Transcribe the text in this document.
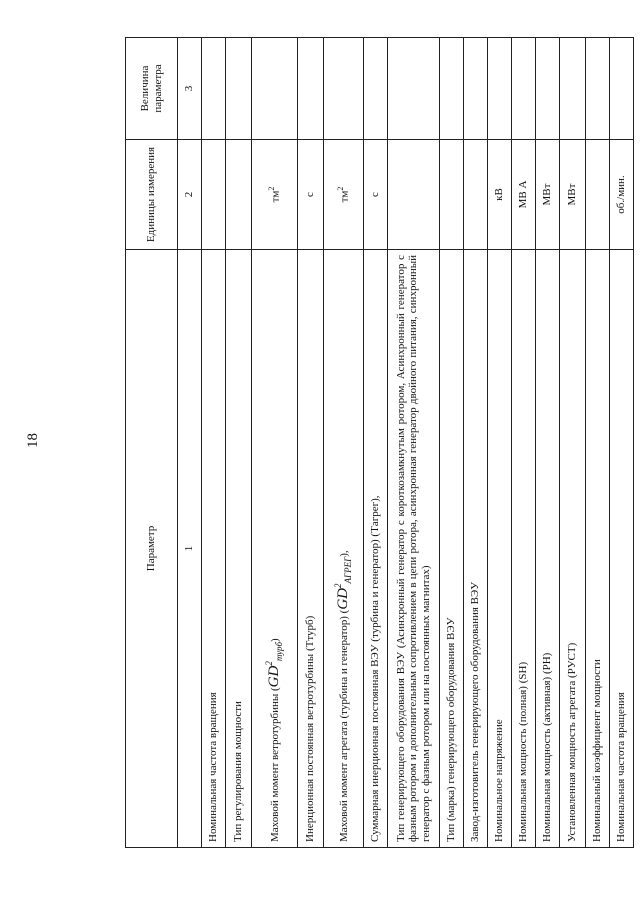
18
Параметр	Единицы измерения	Величина параметра
1	2	3
Номинальная частота вращения		
Тип регулирования мощности		
Маховой момент ветротурбины $(GD^2_{турб})$	$тм^2$	
Инерционная постоянная ветротурбины (Tтурб)	с	
Маховой момент агрегата (турбина и генератор) $(GD^2_{АГРЕГ})$,	$тм^2$	
Суммарная инерционная постоянная ВЭУ (турбина и генератор) (Tагрег),	с	
Тип генерирующего оборудования ВЭУ (Асинхронный генератор с короткозамкнутым ротором, Асинхронный генератор с фазным ротором и дополнительным сопротивлением в цепи ротора, асинхронная генератор двойного питания, синхронный генератор с фазным ротором или на постоянных магнитах)		
Тип (марка) генерирующего оборудования ВЭУ		
Завод-изготовитель генерирующего оборудования ВЭУ		
Номинальное напряжение	кВ	
Номинальная мощность (полная) (SН)	МВ А	
Номинальная мощность (активная) (PН)	МВт	
Установленная мощность агрегата (PУСТ)	МВт	
Номинальный коэффициент мощности		
Номинальная частота вращения	об./мин.	
